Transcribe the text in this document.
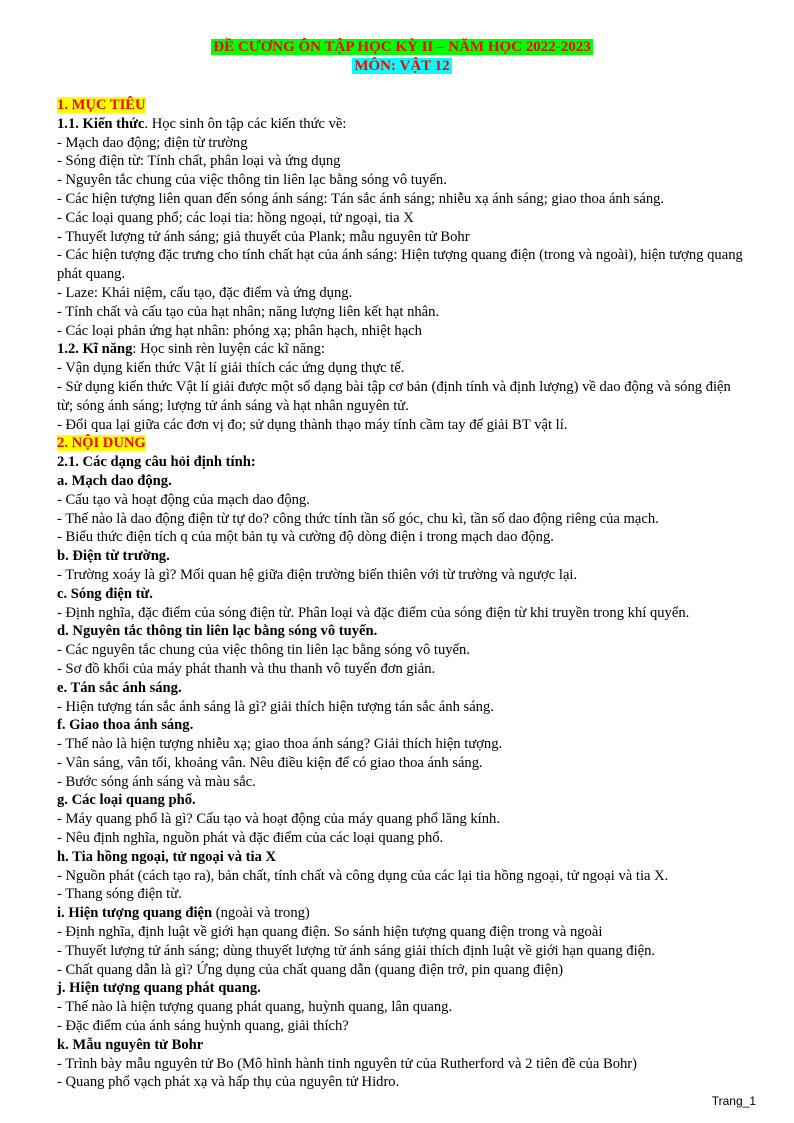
ĐỀ CƯƠNG ÔN TẬP HỌC KỲ II – NĂM HỌC 2022-2023
MÔN: VẬT 12
1. MỤC TIÊU
1.1. Kiến thức. Học sinh ôn tập các kiến thức về:
- Mạch dao động; điện từ trường
- Sóng điện từ: Tính chất, phân loại và ứng dụng
- Nguyên tắc chung của việc thông tin liên lạc bằng sóng vô tuyến.
- Các hiện tượng liên quan đến sóng ánh sáng: Tán sắc ánh sáng; nhiễu xạ ánh sáng; giao thoa ánh sáng.
- Các loại quang phổ; các loại tia: hồng ngoại, tử ngoại, tia X
- Thuyết lượng tử ánh sáng; giả thuyết của Plank; mẫu nguyên tử Bohr
- Các hiện tượng đặc trưng cho tính chất hạt của ánh sáng: Hiện tượng quang điện (trong và ngoài), hiện tượng quang phát quang.
- Laze: Khái niệm, cấu tạo, đặc điểm và ứng dụng.
- Tính chất và cấu tạo của hạt nhân; năng lượng liên kết hạt nhân.
- Các loại phản ứng hạt nhân: phóng xạ; phân hạch, nhiệt hạch
1.2. Kĩ năng: Học sinh rèn luyện các kĩ năng:
- Vận dụng kiến thức Vật lí giải thích các ứng dụng thực tế.
- Sử dụng kiến thức Vật lí giải được một số dạng bài tập cơ bản (định tính và định lượng) về dao động và sóng điện từ; sóng ánh sáng; lượng tử ánh sáng và hạt nhân nguyên tử.
- Đổi qua lại giữa các đơn vị đo; sử dụng thành thạo máy tính cầm tay để giải BT vật lí.
2. NỘI DUNG
2.1. Các dạng câu hỏi định tính:
a. Mạch dao động.
- Cấu tạo và hoạt động của mạch dao động.
- Thế nào là dao động điện từ tự do? công thức tính tần số góc, chu kì, tần số dao động riêng của mạch.
- Biểu thức điện tích q của một bản tụ và cường độ dòng điện i trong mạch dao động.
b. Điện từ trường.
- Trường xoáy là gì? Mối quan hệ giữa điện trường biến thiên với từ trường và ngược lại.
c. Sóng điện từ.
- Định nghĩa, đặc điểm của sóng điện từ. Phân loại và đặc điểm của sóng điện từ khi truyền trong khí quyển.
d. Nguyên tắc thông tin liên lạc bằng sóng vô tuyến.
- Các nguyên tắc chung của việc thông tin liên lạc bằng sóng vô tuyến.
- Sơ đồ khối của máy phát thanh và thu thanh vô tuyến đơn giản.
e. Tán sắc ánh sáng.
- Hiện tượng tán sắc ánh sáng là gì? giải thích hiện tượng tán sắc ánh sáng.
f. Giao thoa ánh sáng.
- Thế nào là hiện tượng nhiễu xạ; giao thoa ánh sáng? Giải thích hiện tượng.
- Vân sáng, vân tối, khoảng vân. Nêu điều kiện để có giao thoa ánh sáng.
- Bước sóng ánh sáng và màu sắc.
g. Các loại quang phổ.
- Máy quang phổ là gì? Cấu tạo và hoạt động của máy quang phổ lăng kính.
- Nêu định nghĩa, nguồn phát và đặc điểm của các loại quang phổ.
h. Tia hồng ngoại, tử ngoại và tia X
- Nguồn phát (cách tạo ra), bản chất, tính chất và công dụng của các lại tia hồng ngoại, tử ngoại và tia X.
- Thang sóng điện từ.
i. Hiện tượng quang điện (ngoài và trong)
- Định nghĩa, định luật về giới hạn quang điện. So sánh hiện tượng quang điện trong và ngoài
- Thuyết lượng tử ánh sáng; dùng thuyết lượng tử ánh sáng giải thích định luật về giới hạn quang điện.
- Chất quang dẫn là gì? Ứng dụng của chất quang dẫn (quang điện trở, pin quang điện)
j. Hiện tượng quang phát quang.
- Thế nào là hiện tượng quang phát quang, huỳnh quang, lân quang.
- Đặc điểm của ánh sáng huỳnh quang, giải thích?
k. Mẫu nguyên tử Bohr
- Trình bày mẫu nguyên tử Bo (Mô hình hành tinh nguyên tử của Rutherford và 2 tiên đề của Bohr)
- Quang phổ vạch phát xạ và hấp thụ của nguyên tử Hidro.
Trang_1
